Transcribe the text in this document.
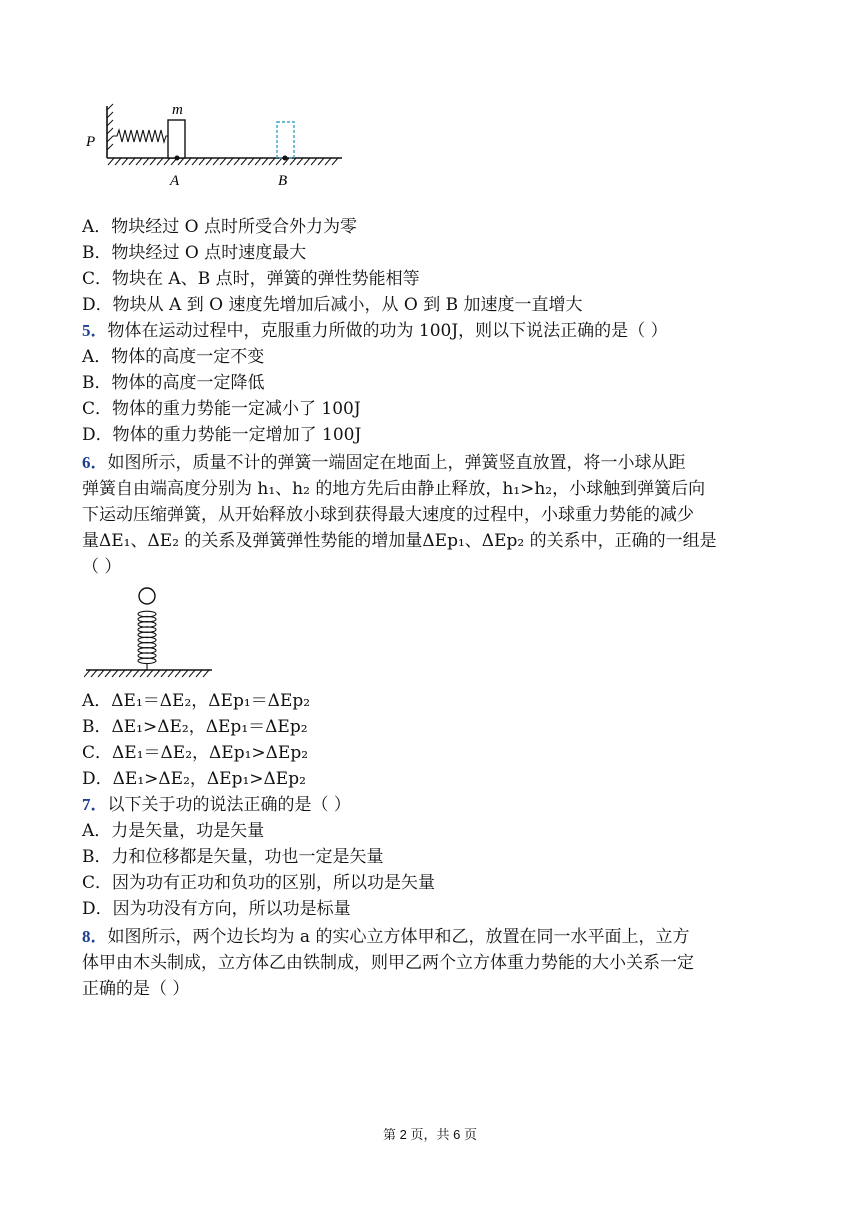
m
P
A	B
A．物块经过 O 点时所受合外力为零
B．物块经过 O 点时速度最大
C．物块在 A、B 点时，弹簧的弹性势能相等
D．物块从 A 到 O 速度先增加后减小，从 O 到 B 加速度一直增大
5．物体在运动过程中，克服重力所做的功为 100J，则以下说法正确的是（ ）
A．物体的高度一定不变
B．物体的高度一定降低
C．物体的重力势能一定减小了 100J
D．物体的重力势能一定增加了 100J
6．如图所示，质量不计的弹簧一端固定在地面上，弹簧竖直放置，将一小球从距
弹簧自由端高度分别为 h₁、h₂ 的地方先后由静止释放，h₁>h₂，小球触到弹簧后向
下运动压缩弹簧，从开始释放小球到获得最大速度的过程中，小球重力势能的减少
量ΔE₁、ΔE₂ 的关系及弹簧弹性势能的增加量ΔEp₁、ΔEp₂ 的关系中，正确的一组是
（ ）
A．ΔE₁＝ΔE₂，ΔEp₁＝ΔEp₂
B．ΔE₁>ΔE₂，ΔEp₁＝ΔEp₂
C．ΔE₁＝ΔE₂，ΔEp₁>ΔEp₂
D．ΔE₁>ΔE₂，ΔEp₁>ΔEp₂
7．以下关于功的说法正确的是（ ）
A．力是矢量，功是矢量
B．力和位移都是矢量，功也一定是矢量
C．因为功有正功和负功的区别，所以功是矢量
D．因为功没有方向，所以功是标量
8．如图所示，两个边长均为 a 的实心立方体甲和乙，放置在同一水平面上，立方
体甲由木头制成，立方体乙由铁制成，则甲乙两个立方体重力势能的大小关系一定
正确的是（ ）
第 2 页，共 6 页
